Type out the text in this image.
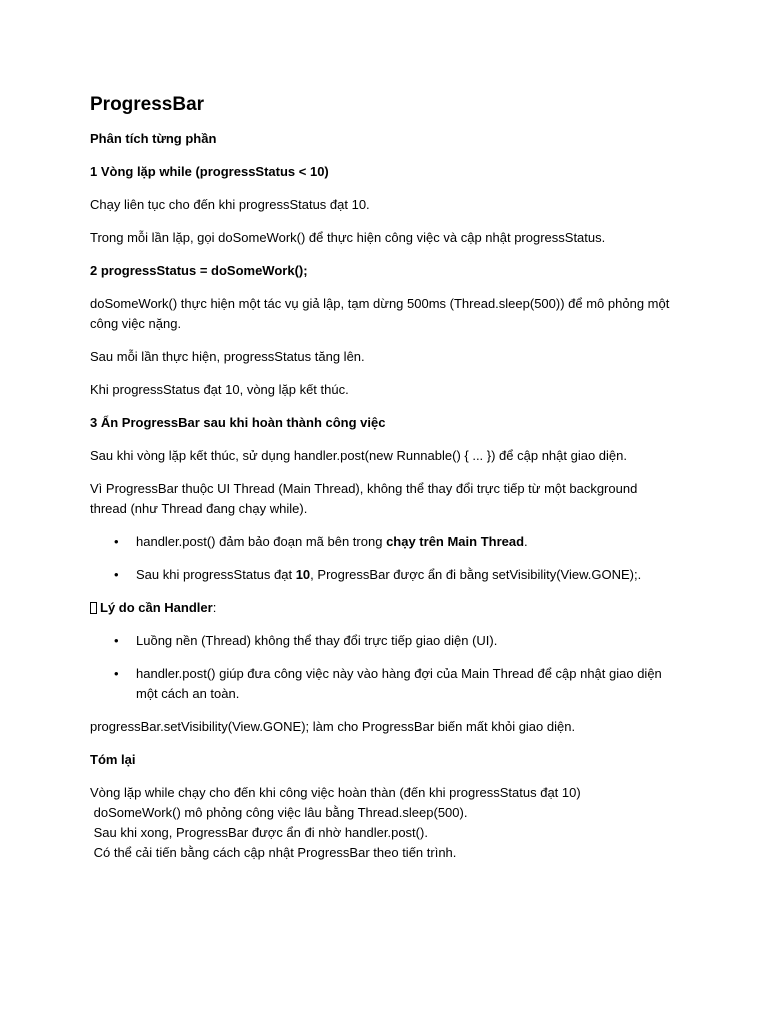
ProgressBar
Phân tích từng phần
1 Vòng lặp while (progressStatus < 10)
Chạy liên tục cho đến khi progressStatus đạt 10.
Trong mỗi lần lặp, gọi doSomeWork() để thực hiện công việc và cập nhật progressStatus.
2 progressStatus = doSomeWork();
doSomeWork() thực hiện một tác vụ giả lập, tạm dừng 500ms (Thread.sleep(500)) để mô phỏng một công việc nặng.
Sau mỗi lần thực hiện, progressStatus tăng lên.
Khi progressStatus đạt 10, vòng lặp kết thúc.
3 Ẩn ProgressBar sau khi hoàn thành công việc
Sau khi vòng lặp kết thúc, sử dụng handler.post(new Runnable() { ... }) để cập nhật giao diện.
Vì ProgressBar thuộc UI Thread (Main Thread), không thể thay đổi trực tiếp từ một background thread (như Thread đang chạy while).
• handler.post() đảm bảo đoạn mã bên trong chạy trên Main Thread.
• Sau khi progressStatus đạt 10, ProgressBar được ẩn đi bằng setVisibility(View.GONE);.
Lý do cần Handler:
• Luồng nền (Thread) không thể thay đổi trực tiếp giao diện (UI).
• handler.post() giúp đưa công việc này vào hàng đợi của Main Thread để cập nhật giao diện một cách an toàn.
progressBar.setVisibility(View.GONE); làm cho ProgressBar biến mất khỏi giao diện.
Tóm lại
Vòng lặp while chạy cho đến khi công việc hoàn thàn (đến khi progressStatus đạt 10)
doSomeWork() mô phỏng công việc lâu bằng Thread.sleep(500).
Sau khi xong, ProgressBar được ẩn đi nhờ handler.post().
Có thể cải tiến bằng cách cập nhật ProgressBar theo tiến trình.
